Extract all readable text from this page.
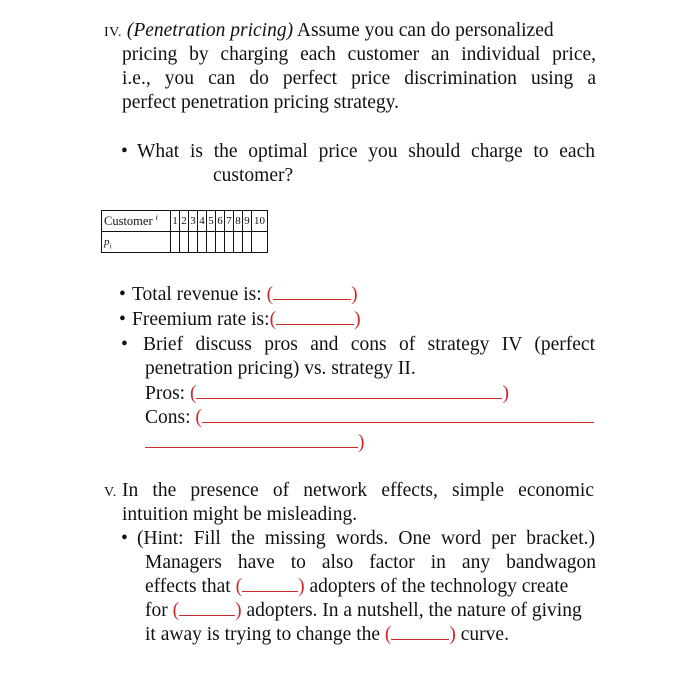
IV. (Penetration pricing) Assume you can do personalized
pricing by charging each customer an individual price,
i.e., you can do perfect price discrimination using a
perfect penetration pricing strategy.
• What is the optimal price you should charge to each
customer?
Customer $^i$	1	2	3	4	5	6	7	8	9	10
$p_i$										
• Total revenue is: (	)
• Freemium rate is:(	)
• Brief discuss pros and cons of strategy IV (perfect
penetration pricing) vs. strategy II.
Pros: (	)
Cons: (
)
V. In the presence of network effects, simple economic
intuition might be misleading.
• (Hint: Fill the missing words. One word per bracket.)
Managers have to also factor in any bandwagon
effects that (	) adopters of the technology create
for (	) adopters. In a nutshell, the nature of giving
it away is trying to change the (	) curve.
